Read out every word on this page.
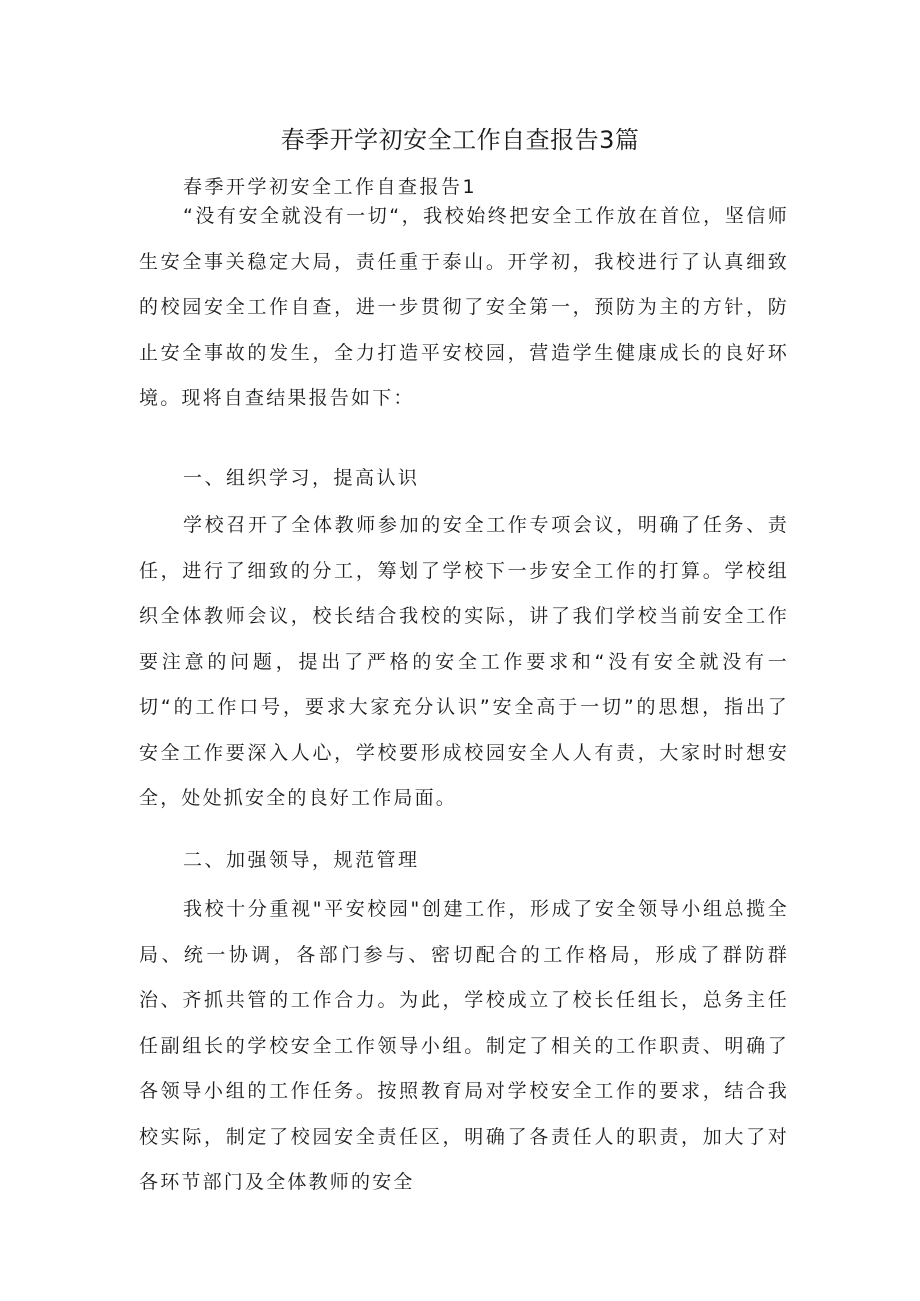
春季开学初安全工作自查报告3篇
春季开学初安全工作自查报告1

“没有安全就没有一切“，我校始终把安全工作放在首位，坚信师生安全事关稳定大局，责任重于泰山。开学初，我校进行了认真细致的校园安全工作自查，进一步贯彻了安全第一，预防为主的方针，防止安全事故的发生，全力打造平安校园，营造学生健康成长的良好环境。现将自查结果报告如下：

一、组织学习，提高认识

学校召开了全体教师参加的安全工作专项会议，明确了任务、责任，进行了细致的分工，筹划了学校下一步安全工作的打算。学校组织全体教师会议，校长结合我校的实际，讲了我们学校当前安全工作要注意的问题，提出了严格的安全工作要求和“没有安全就没有一切“的工作口号，要求大家充分认识”安全高于一切”的思想，指出了安全工作要深入人心，学校要形成校园安全人人有责，大家时时想安全，处处抓安全的良好工作局面。

二、加强领导，规范管理

我校十分重视"平安校园"创建工作，形成了安全领导小组总揽全局、统一协调，各部门参与、密切配合的工作格局，形成了群防群治、齐抓共管的工作合力。为此，学校成立了校长任组长，总务主任任副组长的学校安全工作领导小组。制定了相关的工作职责、明确了各领导小组的工作任务。按照教育局对学校安全工作的要求，结合我校实际，制定了校园安全责任区，明确了各责任人的职责，加大了对各环节部门及全体教师的安全
